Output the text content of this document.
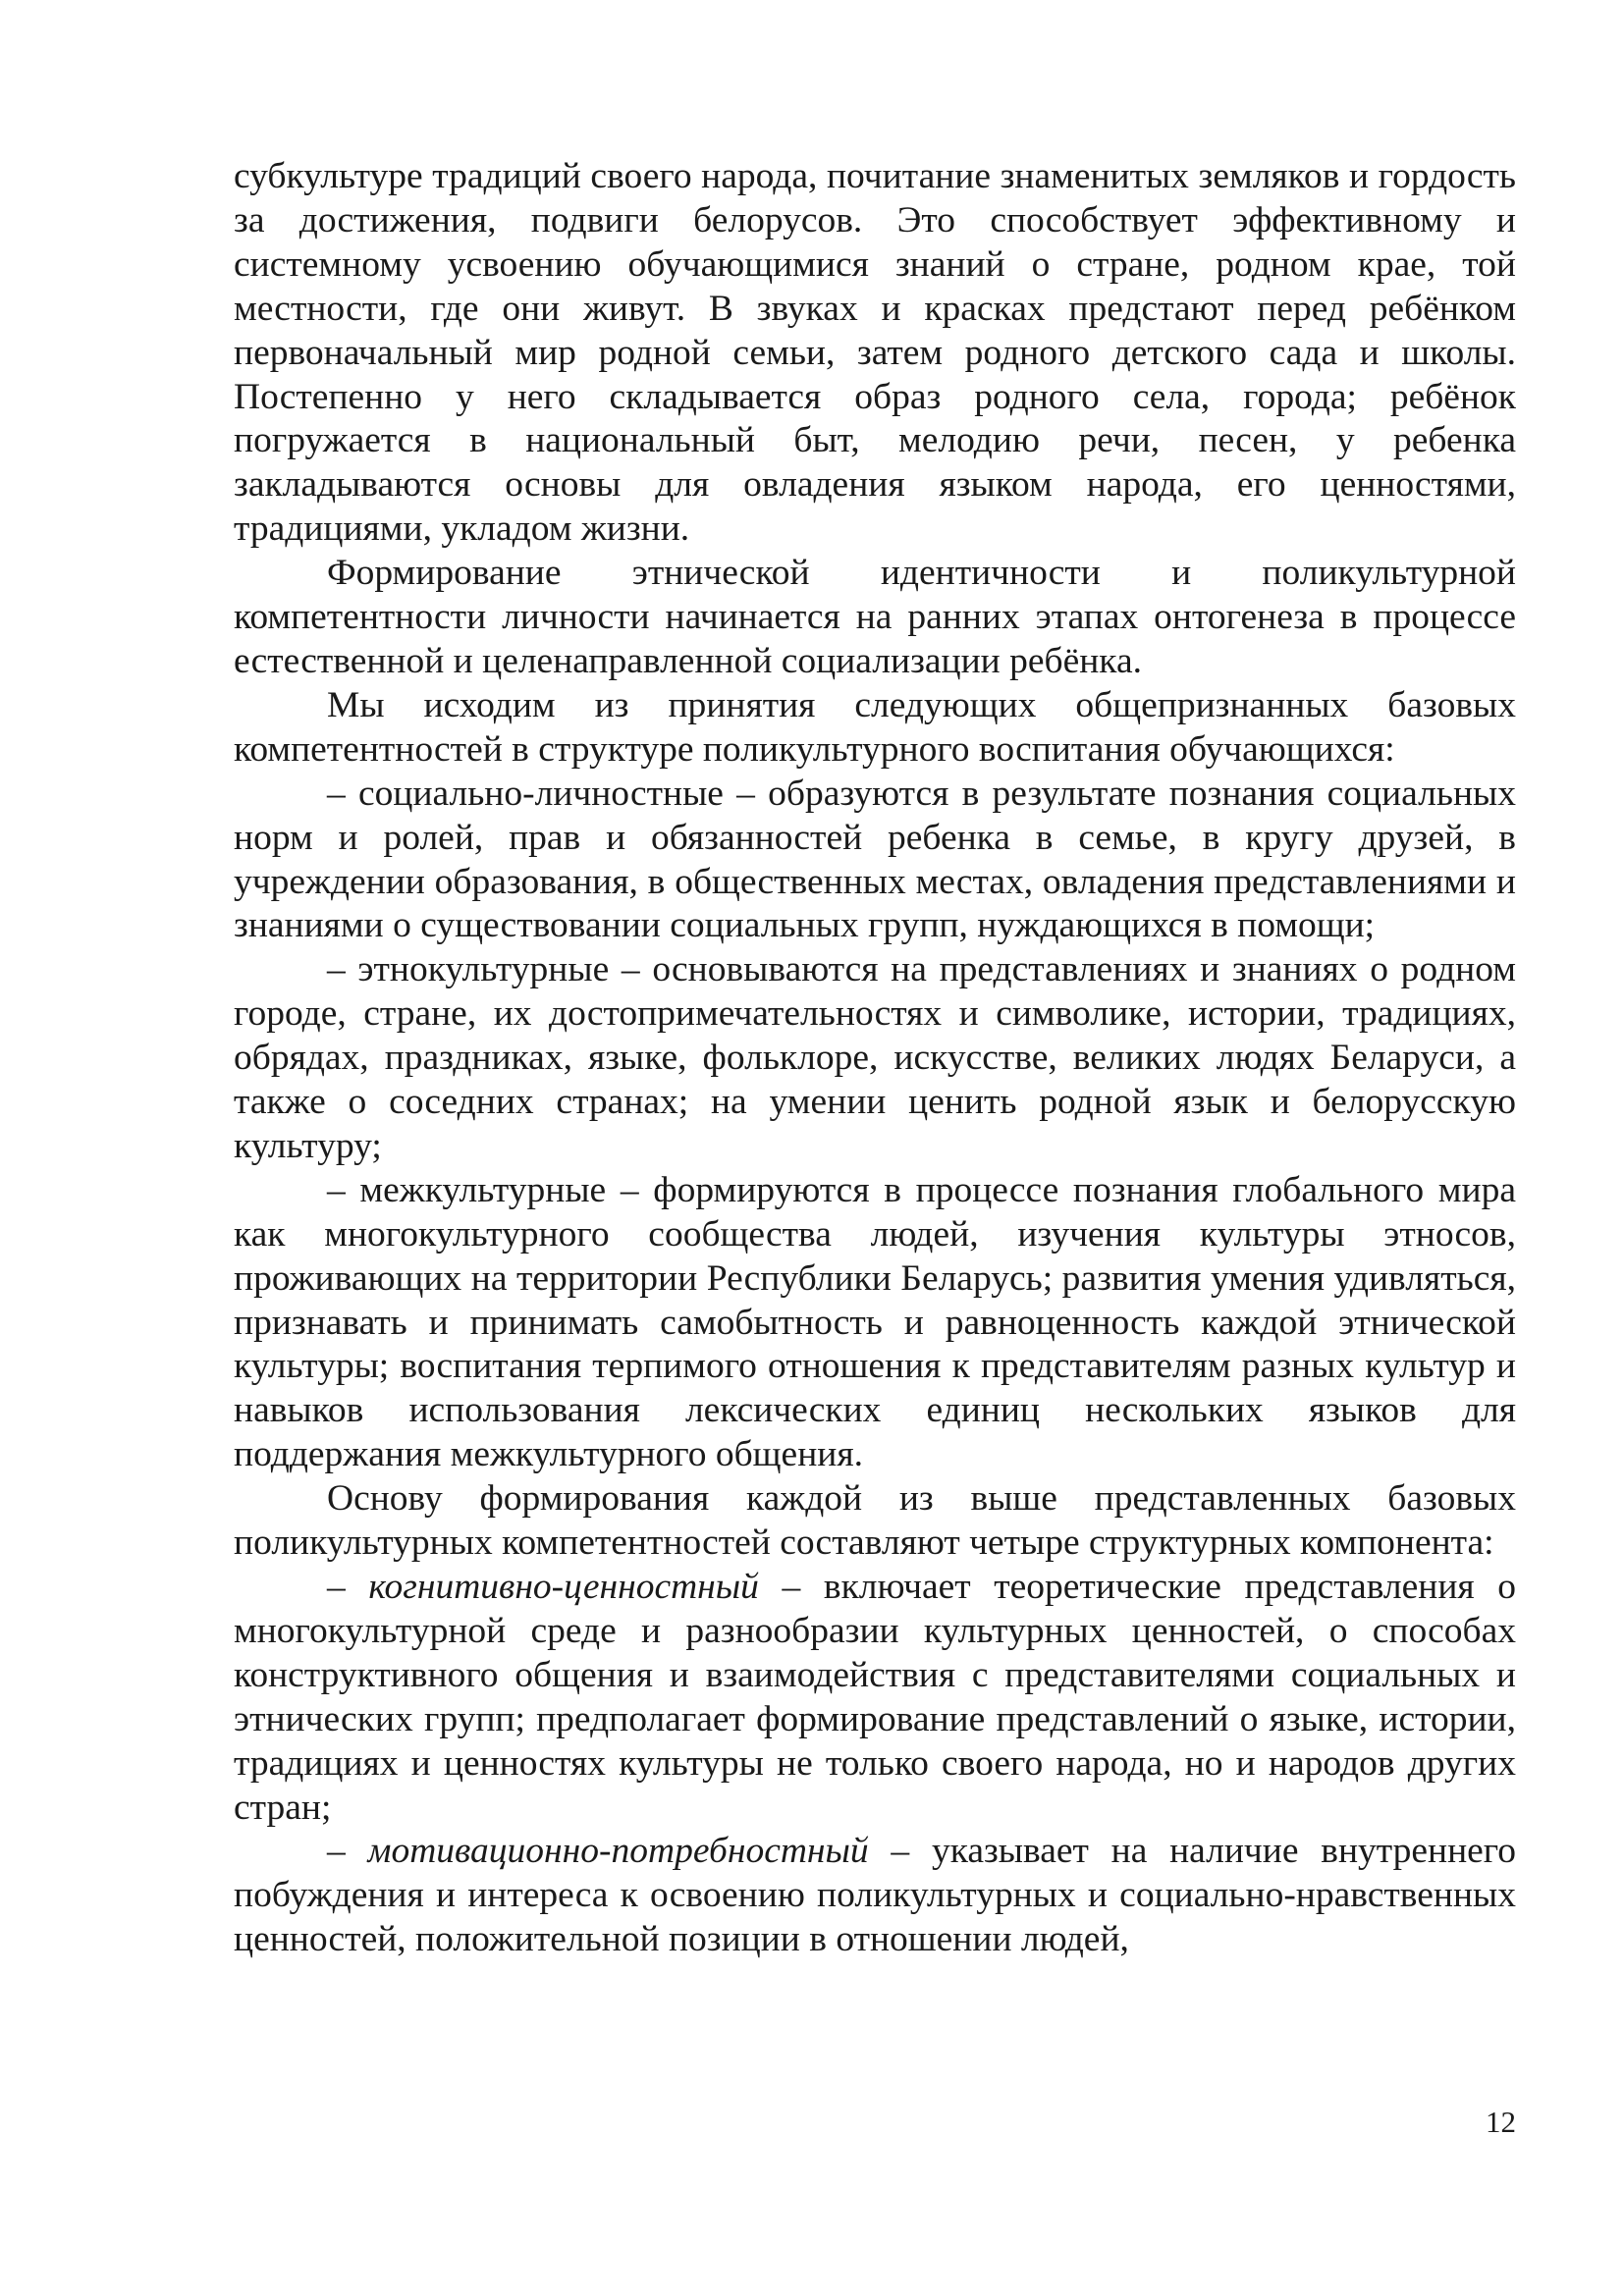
субкультуре традиций своего народа, почитание знаменитых земляков и гордость за достижения, подвиги белорусов. Это способствует эффективному и системному усвоению обучающимися знаний о стране, родном крае, той местности, где они живут. В звуках и красках предстают перед ребёнком первоначальный мир родной семьи, затем родного детского сада и школы. Постепенно у него складывается образ родного села, города; ребёнок погружается в национальный быт, мелодию речи, песен, у ребенка закладываются основы для овладения языком народа, его ценностями, традициями, укладом жизни.

Формирование этнической идентичности и поликультурной компетентности личности начинается на ранних этапах онтогенеза в процессе естественной и целенаправленной социализации ребёнка.

Мы исходим из принятия следующих общепризнанных базовых компетентностей в структуре поликультурного воспитания обучающихся:

– социально-личностные – образуются в результате познания социальных норм и ролей, прав и обязанностей ребенка в семье, в кругу друзей, в учреждении образования, в общественных местах, овладения представлениями и знаниями о существовании социальных групп, нуждающихся в помощи;

– этнокультурные – основываются на представлениях и знаниях о родном городе, стране, их достопримечательностях и символике, истории, традициях, обрядах, праздниках, языке, фольклоре, искусстве, великих людях Беларуси, а также о соседних странах; на умении ценить родной язык и белорусскую культуру;

– межкультурные – формируются в процессе познания глобального мира как многокультурного сообщества людей, изучения культуры этносов, проживающих на территории Республики Беларусь; развития умения удивляться, признавать и принимать самобытность и равноценность каждой этнической культуры; воспитания терпимого отношения к представителям разных культур и навыков использования лексических единиц нескольких языков для поддержания межкультурного общения.

Основу формирования каждой из выше представленных базовых поликультурных компетентностей составляют четыре структурных компонента:

– когнитивно-ценностный – включает теоретические представления о многокультурной среде и разнообразии культурных ценностей, о способах конструктивного общения и взаимодействия с представителями социальных и этнических групп; предполагает формирование представлений о языке, истории, традициях и ценностях культуры не только своего народа, но и народов других стран;

– мотивационно-потребностный – указывает на наличие внутреннего побуждения и интереса к освоению поликультурных и социально-нравственных ценностей, положительной позиции в отношении людей,

12
